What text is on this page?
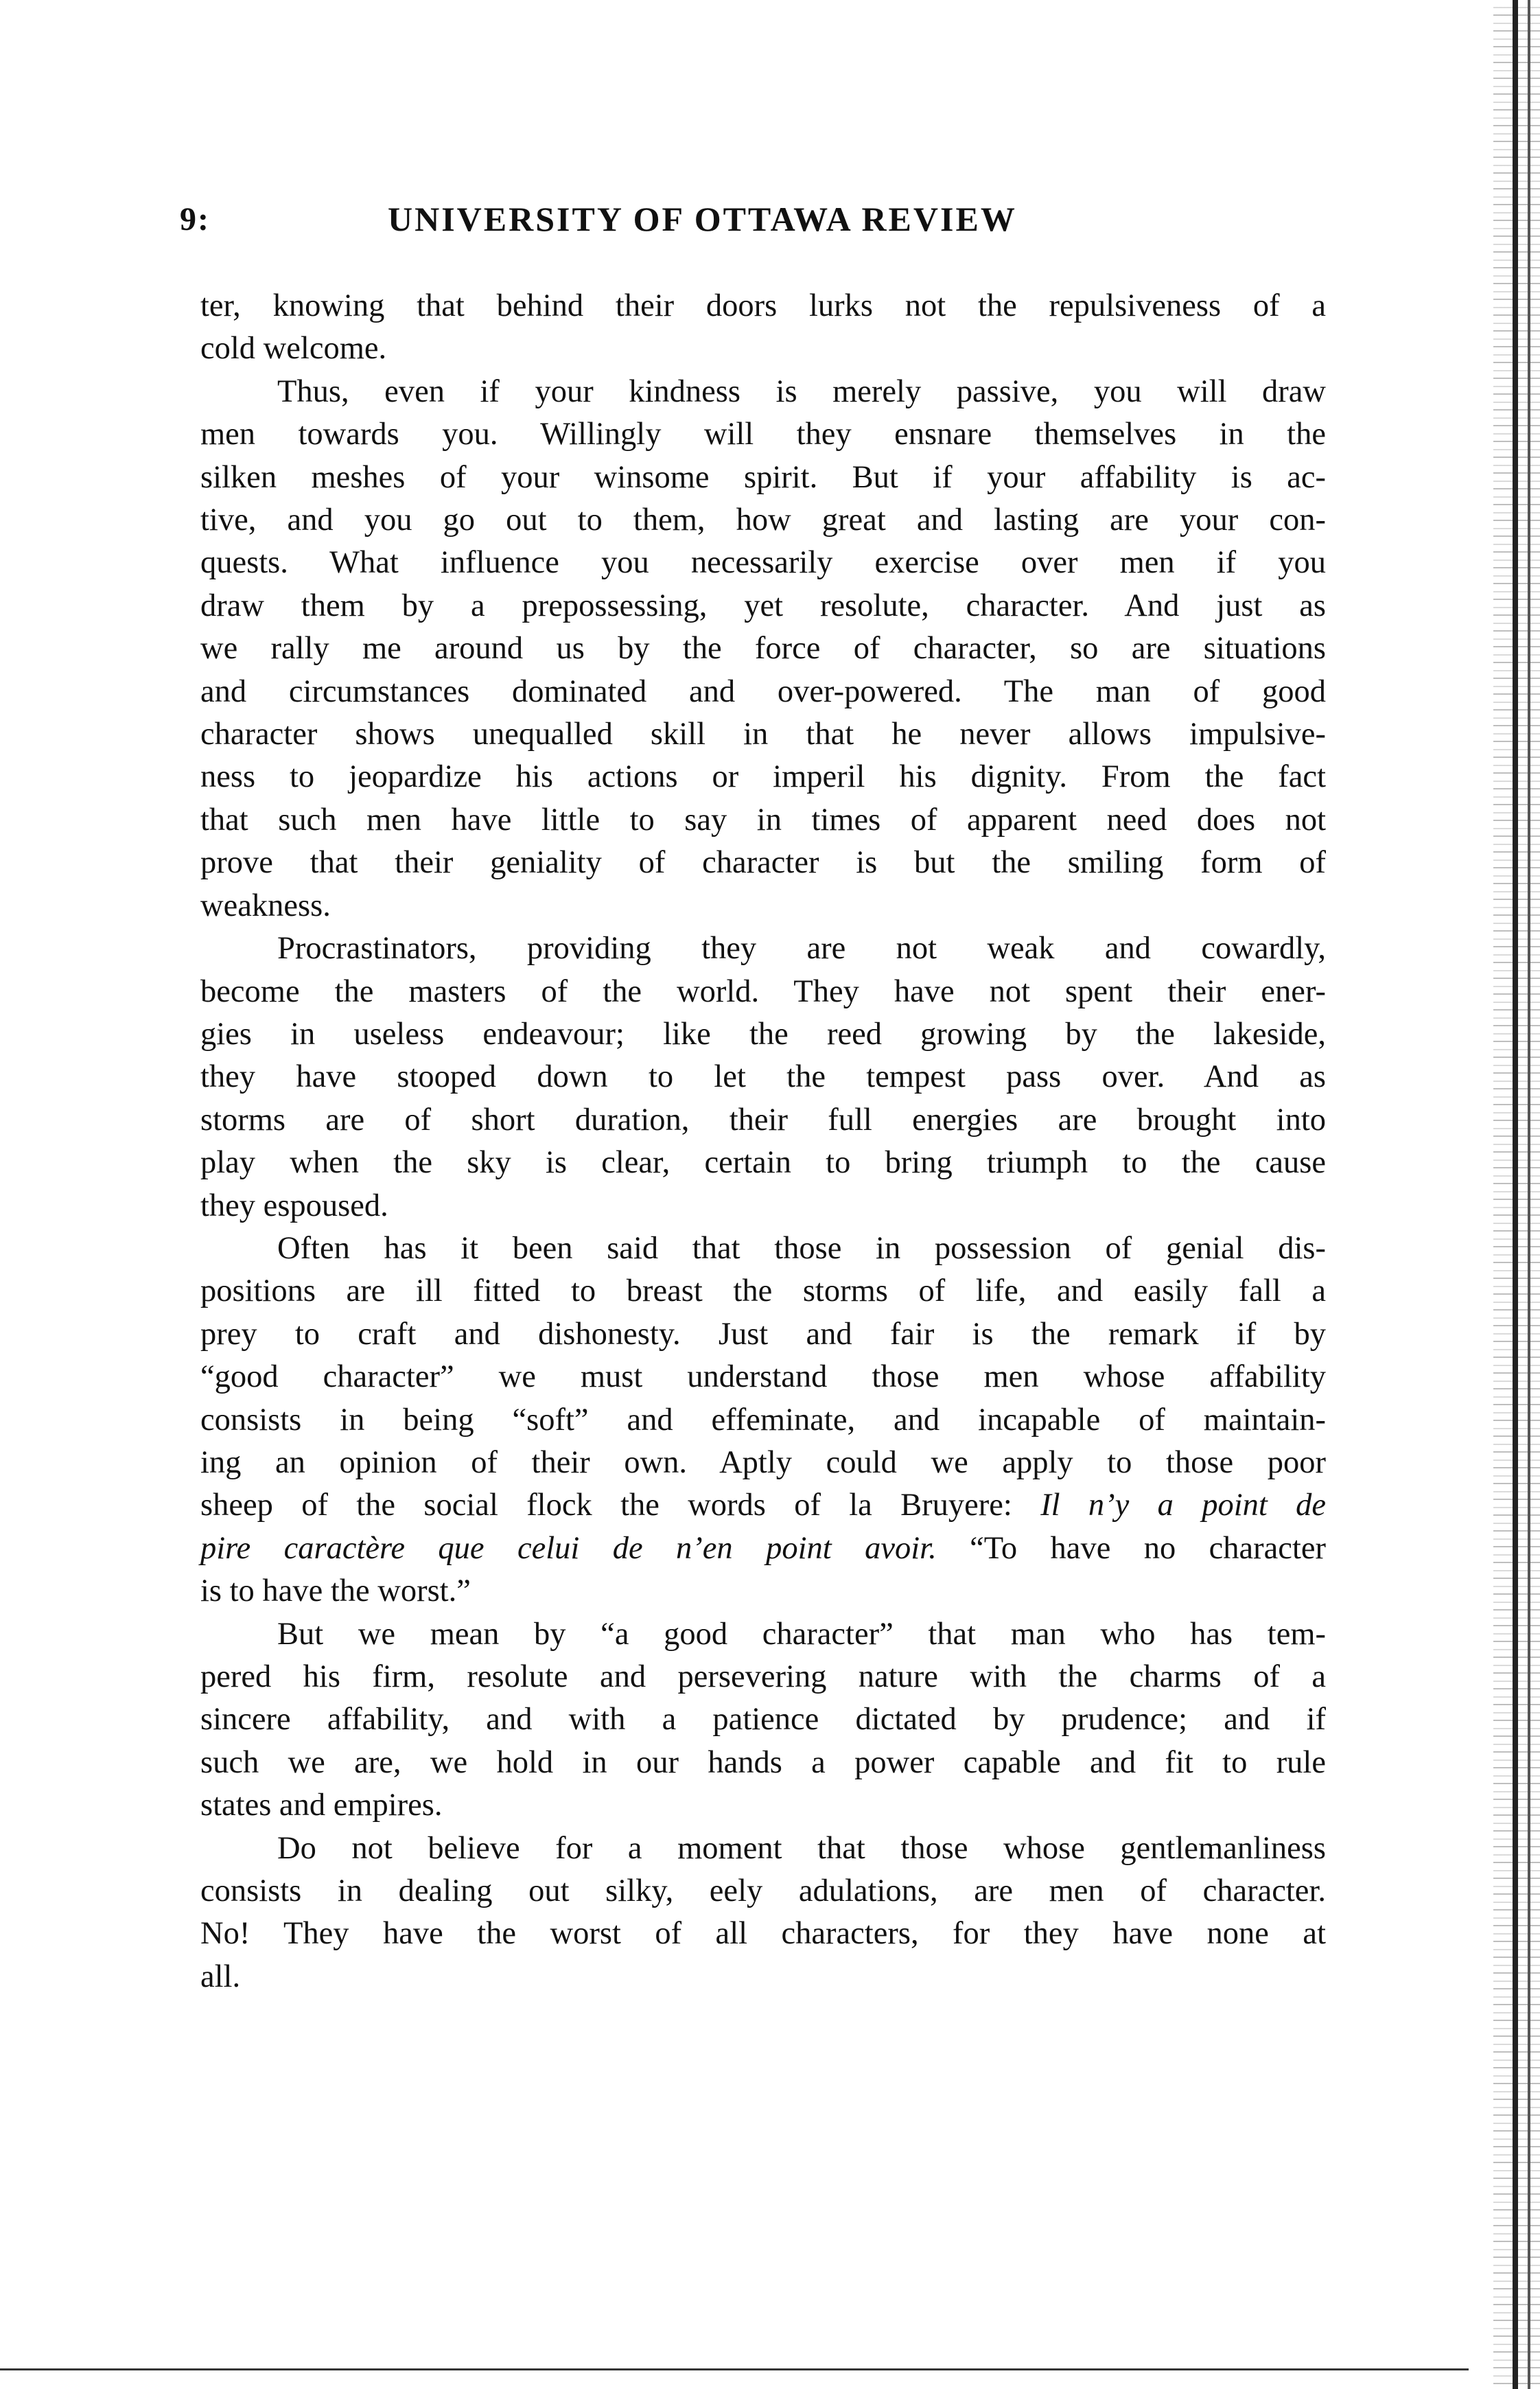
9:	UNIVERSITY OF OTTAWA REVIEW
ter, knowing that behind their doors lurks not the repulsiveness of a
cold welcome.
Thus, even if your kindness is merely passive, you will draw
men towards you. Willingly will they ensnare themselves in the
silken meshes of your winsome spirit. But if your affability is ac-
tive, and you go out to them, how great and lasting are your con-
quests. What influence you necessarily exercise over men if you
draw them by a prepossessing, yet resolute, character. And just as
we rally me around us by the force of character, so are situations
and circumstances dominated and over-powered. The man of good
character shows unequalled skill in that he never allows impulsive-
ness to jeopardize his actions or imperil his dignity. From the fact
that such men have little to say in times of apparent need does not
prove that their geniality of character is but the smiling form of
weakness.
Procrastinators, providing they are not weak and cowardly,
become the masters of the world. They have not spent their ener-
gies in useless endeavour; like the reed growing by the lakeside,
they have stooped down to let the tempest pass over. And as
storms are of short duration, their full energies are brought into
play when the sky is clear, certain to bring triumph to the cause
they espoused.
Often has it been said that those in possession of genial dis-
positions are ill fitted to breast the storms of life, and easily fall a
prey to craft and dishonesty. Just and fair is the remark if by
“good character” we must understand those men whose affability
consists in being “soft” and effeminate, and incapable of maintain-
ing an opinion of their own. Aptly could we apply to those poor
sheep of the social flock the words of la Bruyere: Il n’y a point de
pire caractère que celui de n’en point avoir. “To have no character
is to have the worst.”
But we mean by “a good character” that man who has tem-
pered his firm, resolute and persevering nature with the charms of a
sincere affability, and with a patience dictated by prudence; and if
such we are, we hold in our hands a power capable and fit to rule
states and empires.
Do not believe for a moment that those whose gentlemanliness
consists in dealing out silky, eely adulations, are men of character.
No! They have the worst of all characters, for they have none at
all.
